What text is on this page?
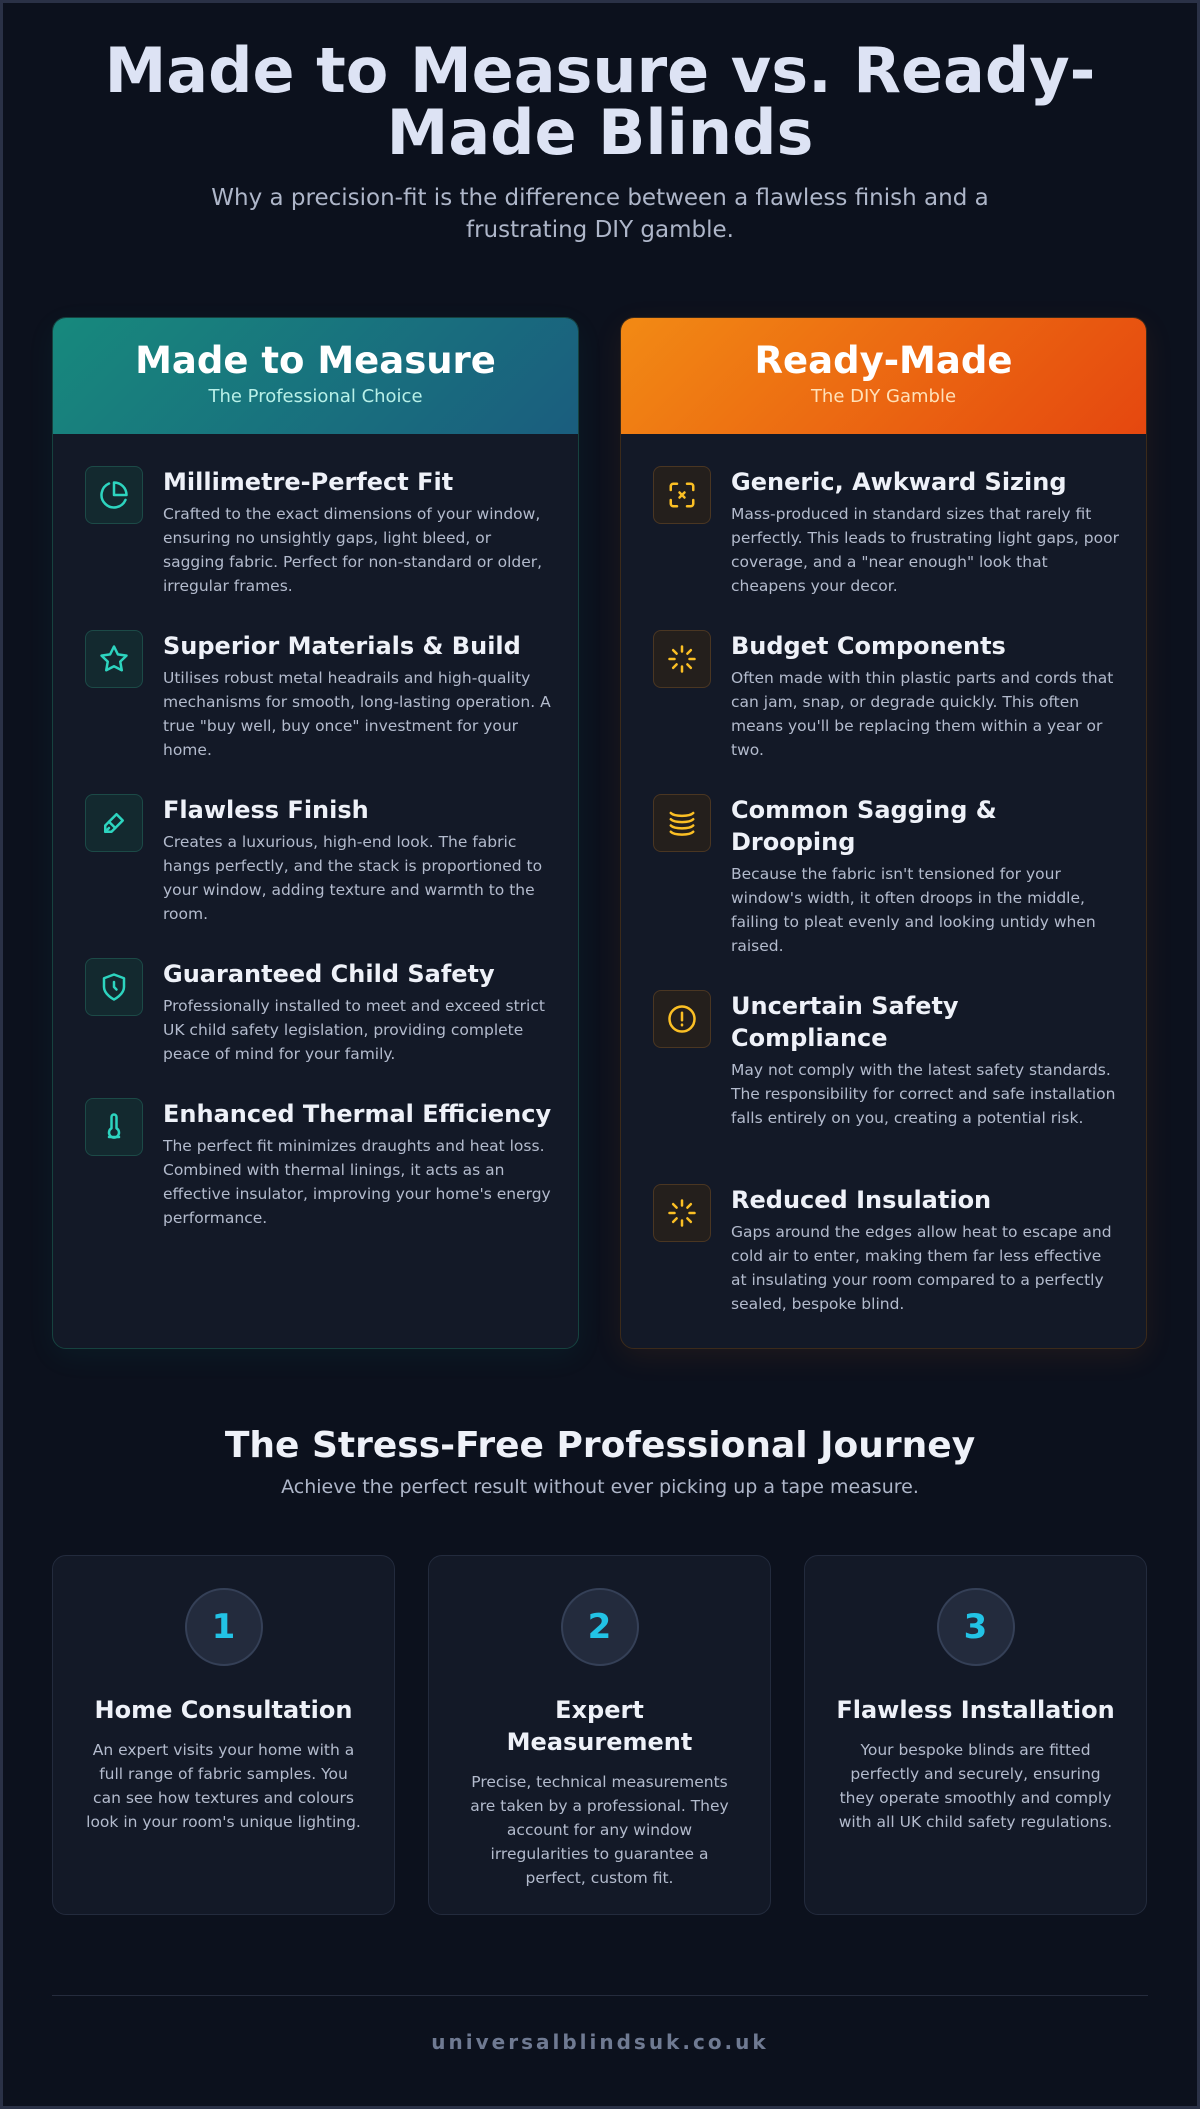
Made to Measure vs. Ready-Made Blinds

Why a precision-fit is the difference between a flawless finish and a frustrating DIY gamble.

Made to Measure
The Professional Choice
Millimetre-Perfect Fit
Crafted to the exact dimensions of your window, ensuring no unsightly gaps, light bleed, or sagging fabric. Perfect for non-standard or older, irregular frames.
Superior Materials & Build
Utilises robust metal headrails and high-quality mechanisms for smooth, long-lasting operation. A true "buy well, buy once" investment for your home.
Flawless Finish
Creates a luxurious, high-end look. The fabric hangs perfectly, and the stack is proportioned to your window, adding texture and warmth to the room.
Guaranteed Child Safety
Professionally installed to meet and exceed strict UK child safety legislation, providing complete peace of mind for your family.
Enhanced Thermal Efficiency
The perfect fit minimizes draughts and heat loss. Combined with thermal linings, it acts as an effective insulator, improving your home's energy performance.
Ready-Made
The DIY Gamble
Generic, Awkward Sizing
Mass-produced in standard sizes that rarely fit perfectly. This leads to frustrating light gaps, poor coverage, and a "near enough" look that cheapens your decor.
Budget Components
Often made with thin plastic parts and cords that can jam, snap, or degrade quickly. This often means you'll be replacing them within a year or two.
Common Sagging & Drooping
Because the fabric isn't tensioned for your window's width, it often droops in the middle, failing to pleat evenly and looking untidy when raised.
Uncertain Safety Compliance
May not comply with the latest safety standards. The responsibility for correct and safe installation falls entirely on you, creating a potential risk.
Reduced Insulation
Gaps around the edges allow heat to escape and cold air to enter, making them far less effective at insulating your room compared to a perfectly sealed, bespoke blind.
The Stress-Free Professional Journey

Achieve the perfect result without ever picking up a tape measure.

1
Home Consultation
An expert visits your home with a full range of fabric samples. You can see how textures and colours look in your room's unique lighting.
2
Expert Measurement
Precise, technical measurements are taken by a professional. They account for any window irregularities to guarantee a perfect, custom fit.
3
Flawless Installation
Your bespoke blinds are fitted perfectly and securely, ensuring they operate smoothly and comply with all UK child safety regulations.
universalblindsuk.co.uk
